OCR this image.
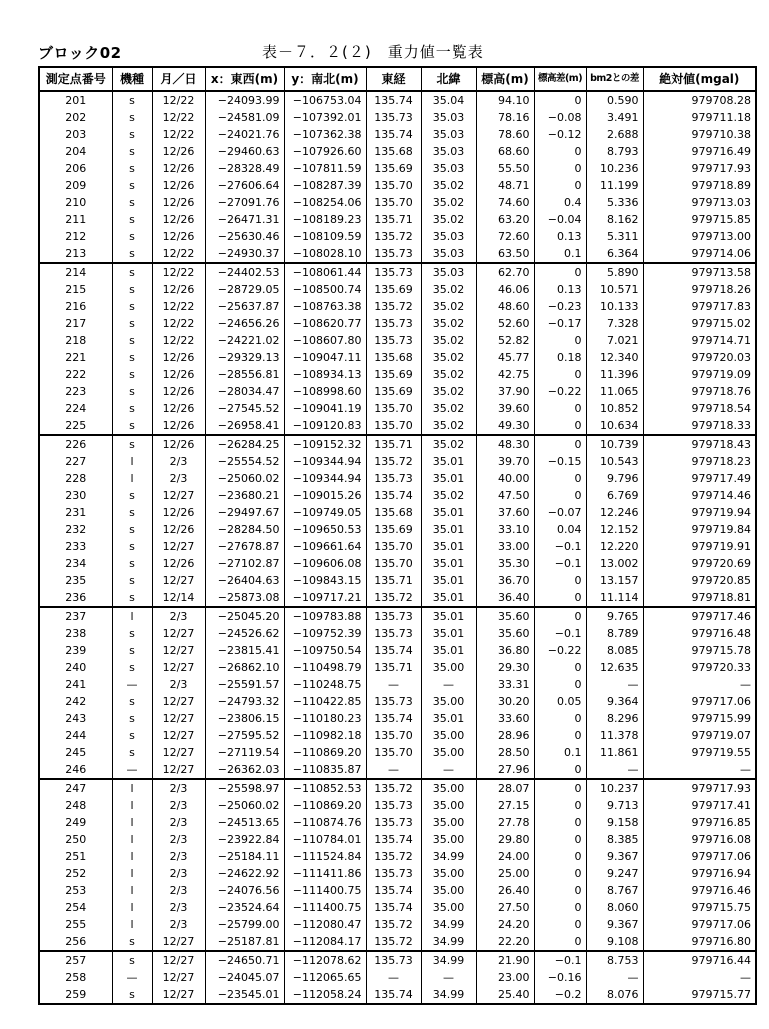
ブロック02	表－７．２(２)　重力値一覧表
測定点番号	機種	月／日	x：東西(m)	y：南北(m)	東経	北緯	標高(m)	標高差(m)	bm2との差	絶対値(mgal)
201	s	12/22	−24093.99	−106753.04	135.74	35.04	94.10	0	0.590	979708.28
202	s	12/22	−24581.09	−107392.01	135.73	35.03	78.16	−0.08	3.491	979711.18
203	s	12/22	−24021.76	−107362.38	135.74	35.03	78.60	−0.12	2.688	979710.38
204	s	12/26	−29460.63	−107926.60	135.68	35.03	68.60	0	8.793	979716.49
206	s	12/26	−28328.49	−107811.59	135.69	35.03	55.50	0	10.236	979717.93
209	s	12/26	−27606.64	−108287.39	135.70	35.02	48.71	0	11.199	979718.89
210	s	12/26	−27091.76	−108254.06	135.70	35.02	74.60	0.4	5.336	979713.03
211	s	12/26	−26471.31	−108189.23	135.71	35.02	63.20	−0.04	8.162	979715.85
212	s	12/26	−25630.46	−108109.59	135.72	35.03	72.60	0.13	5.311	979713.00
213	s	12/22	−24930.37	−108028.10	135.73	35.03	63.50	0.1	6.364	979714.06
214	s	12/22	−24402.53	−108061.44	135.73	35.03	62.70	0	5.890	979713.58
215	s	12/26	−28729.05	−108500.74	135.69	35.02	46.06	0.13	10.571	979718.26
216	s	12/22	−25637.87	−108763.38	135.72	35.02	48.60	−0.23	10.133	979717.83
217	s	12/22	−24656.26	−108620.77	135.73	35.02	52.60	−0.17	7.328	979715.02
218	s	12/22	−24221.02	−108607.80	135.73	35.02	52.82	0	7.021	979714.71
221	s	12/26	−29329.13	−109047.11	135.68	35.02	45.77	0.18	12.340	979720.03
222	s	12/26	−28556.81	−108934.13	135.69	35.02	42.75	0	11.396	979719.09
223	s	12/26	−28034.47	−108998.60	135.69	35.02	37.90	−0.22	11.065	979718.76
224	s	12/26	−27545.52	−109041.19	135.70	35.02	39.60	0	10.852	979718.54
225	s	12/26	−26958.41	−109120.83	135.70	35.02	49.30	0	10.634	979718.33
226	s	12/26	−26284.25	−109152.32	135.71	35.02	48.30	0	10.739	979718.43
227	l	2/3	−25554.52	−109344.94	135.72	35.01	39.70	−0.15	10.543	979718.23
228	l	2/3	−25060.02	−109344.94	135.73	35.01	40.00	0	9.796	979717.49
230	s	12/27	−23680.21	−109015.26	135.74	35.02	47.50	0	6.769	979714.46
231	s	12/26	−29497.67	−109749.05	135.68	35.01	37.60	−0.07	12.246	979719.94
232	s	12/26	−28284.50	−109650.53	135.69	35.01	33.10	0.04	12.152	979719.84
233	s	12/27	−27678.87	−109661.64	135.70	35.01	33.00	−0.1	12.220	979719.91
234	s	12/26	−27102.87	−109606.08	135.70	35.01	35.30	−0.1	13.002	979720.69
235	s	12/27	−26404.63	−109843.15	135.71	35.01	36.70	0	13.157	979720.85
236	s	12/14	−25873.08	−109717.21	135.72	35.01	36.40	0	11.114	979718.81
237	l	2/3	−25045.20	−109783.88	135.73	35.01	35.60	0	9.765	979717.46
238	s	12/27	−24526.62	−109752.39	135.73	35.01	35.60	−0.1	8.789	979716.48
239	s	12/27	−23815.41	−109750.54	135.74	35.01	36.80	−0.22	8.085	979715.78
240	s	12/27	−26862.10	−110498.79	135.71	35.00	29.30	0	12.635	979720.33
241	—	2/3	−25591.57	−110248.75	—	—	33.31	0	—	—
242	s	12/27	−24793.32	−110422.85	135.73	35.00	30.20	0.05	9.364	979717.06
243	s	12/27	−23806.15	−110180.23	135.74	35.01	33.60	0	8.296	979715.99
244	s	12/27	−27595.52	−110982.18	135.70	35.00	28.96	0	11.378	979719.07
245	s	12/27	−27119.54	−110869.20	135.70	35.00	28.50	0.1	11.861	979719.55
246	—	12/27	−26362.03	−110835.87	—	—	27.96	0	—	—
247	l	2/3	−25598.97	−110852.53	135.72	35.00	28.07	0	10.237	979717.93
248	l	2/3	−25060.02	−110869.20	135.73	35.00	27.15	0	9.713	979717.41
249	l	2/3	−24513.65	−110874.76	135.73	35.00	27.78	0	9.158	979716.85
250	l	2/3	−23922.84	−110784.01	135.74	35.00	29.80	0	8.385	979716.08
251	l	2/3	−25184.11	−111524.84	135.72	34.99	24.00	0	9.367	979717.06
252	l	2/3	−24622.92	−111411.86	135.73	35.00	25.00	0	9.247	979716.94
253	l	2/3	−24076.56	−111400.75	135.74	35.00	26.40	0	8.767	979716.46
254	l	2/3	−23524.64	−111400.75	135.74	35.00	27.50	0	8.060	979715.75
255	l	2/3	−25799.00	−112080.47	135.72	34.99	24.20	0	9.367	979717.06
256	s	12/27	−25187.81	−112084.17	135.72	34.99	22.20	0	9.108	979716.80
257	s	12/27	−24650.71	−112078.62	135.73	34.99	21.90	−0.1	8.753	979716.44
258	—	12/27	−24045.07	−112065.65	—	—	23.00	−0.16	—	—
259	s	12/27	−23545.01	−112058.24	135.74	34.99	25.40	−0.2	8.076	979715.77
